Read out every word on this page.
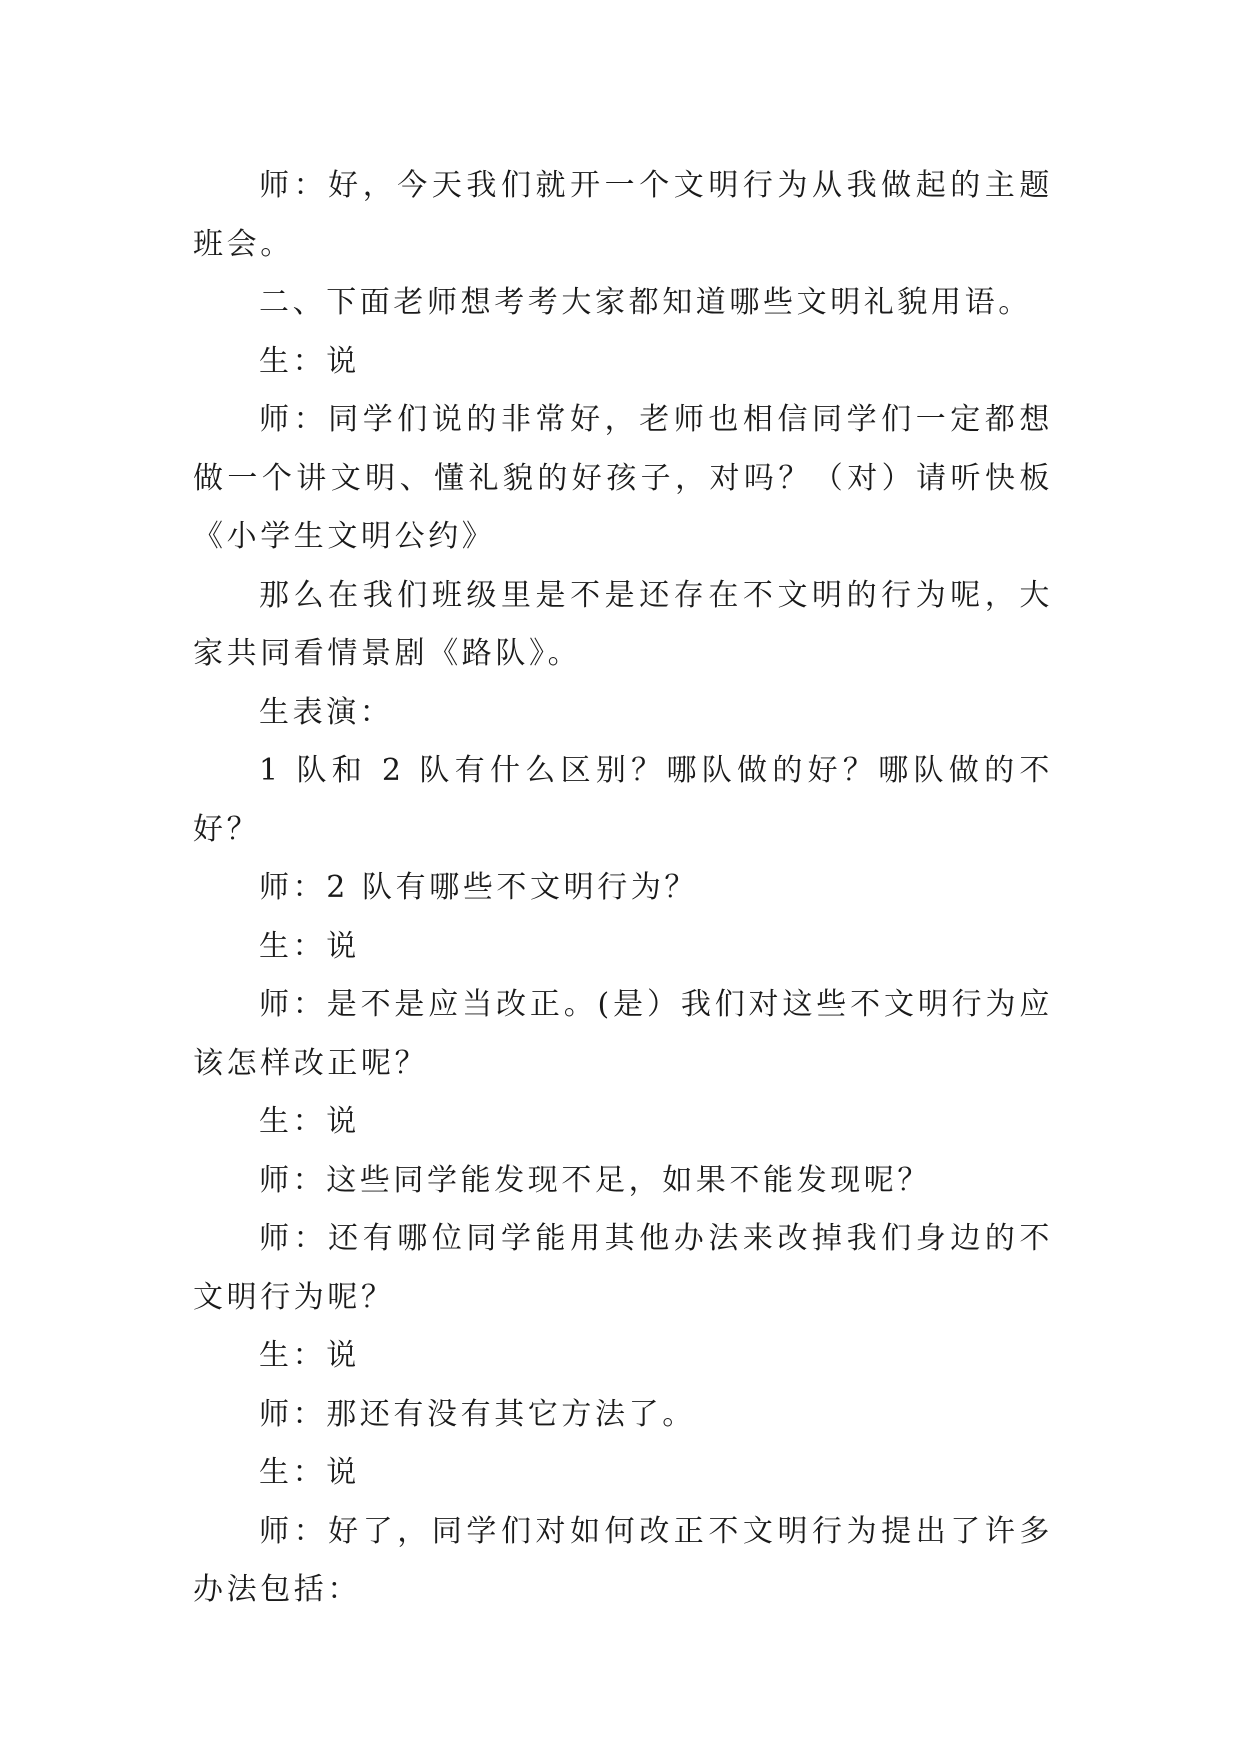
师：好，今天我们就开一个文明行为从我做起的主题班会。

二、下面老师想考考大家都知道哪些文明礼貌用语。

生：说

师：同学们说的非常好，老师也相信同学们一定都想做一个讲文明、懂礼貌的好孩子，对吗？（对）请听快板《小学生文明公约》

那么在我们班级里是不是还存在不文明的行为呢，大家共同看情景剧《路队》。

生表演：

1 队和 2 队有什么区别？哪队做的好？哪队做的不好？

师：2 队有哪些不文明行为？

生：说

师：是不是应当改正。(是）我们对这些不文明行为应该怎样改正呢？

生：说

师：这些同学能发现不足，如果不能发现呢？

师：还有哪位同学能用其他办法来改掉我们身边的不文明行为呢？

生：说

师：那还有没有其它方法了。

生：说

师：好了，同学们对如何改正不文明行为提出了许多办法包括：
